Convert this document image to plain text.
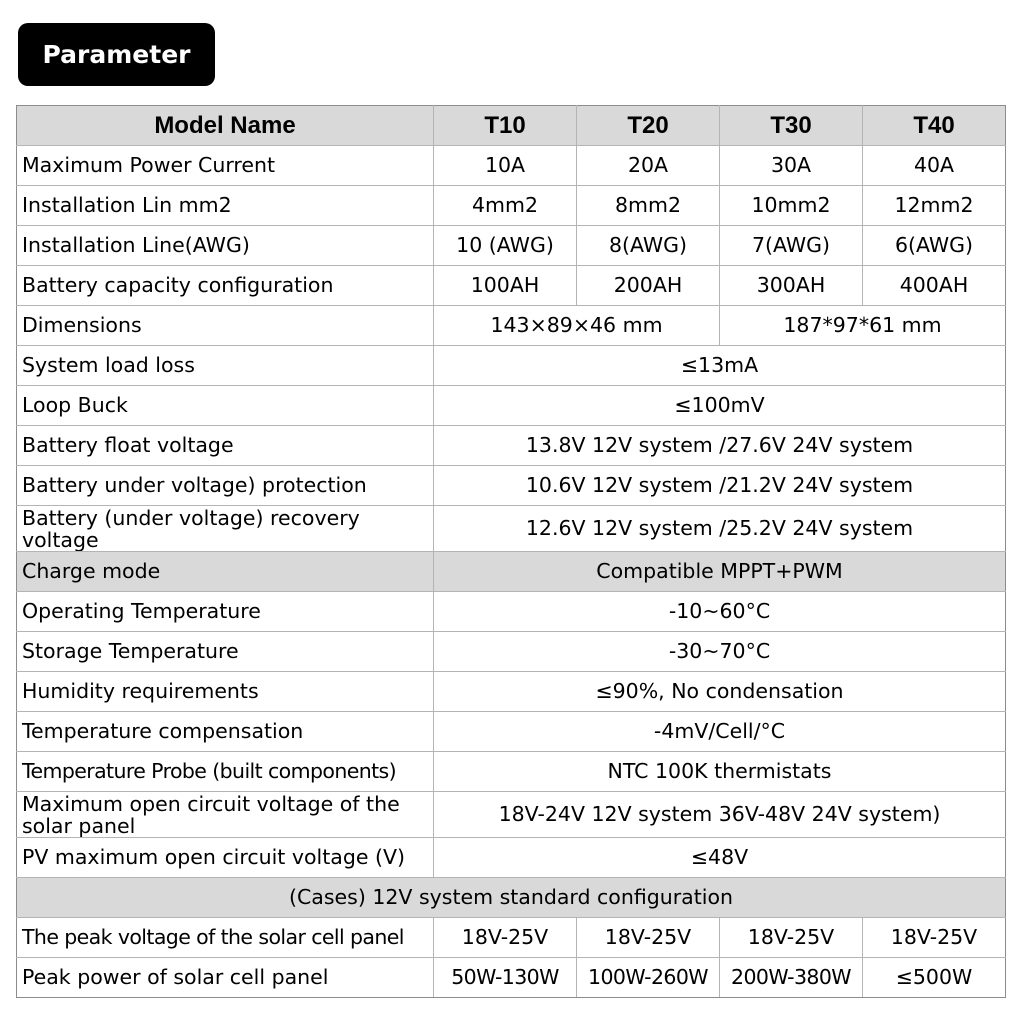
Parameter
Model Name	T10	T20	T30	T40
Maximum Power Current	10A	20A	30A	40A
Installation Lin mm2	4mm2	8mm2	10mm2	12mm2
Installation Line(AWG)	10 (AWG)	8(AWG)	7(AWG)	6(AWG)
Battery capacity configuration	100AH	200AH	300AH	400AH
Dimensions	143×89×46 mm		187*97*61 mm	
System load loss	≤13mA			
Loop Buck	≤100mV			
Battery float voltage	13.8V 12V system /27.6V 24V system			
Battery under voltage) protection	10.6V 12V system /21.2V 24V system			
Battery (under voltage) recovery voltage	12.6V 12V system /25.2V 24V system			
Charge mode	Compatible MPPT+PWM			
Operating Temperature	-10~60°C			
Storage Temperature	-30~70°C			
Humidity requirements	≤90%, No condensation			
Temperature compensation	-4mV/Cell/°C			
Temperature Probe (built components)	NTC 100K thermistats			
Maximum open circuit voltage of the solar panel	18V-24V 12V system 36V-48V 24V system)			
PV maximum open circuit voltage (V)	≤48V			
(Cases) 12V system standard configuration				
The peak voltage of the solar cell panel	18V-25V	18V-25V	18V-25V	18V-25V
Peak power of solar cell panel	50W-130W	100W-260W	200W-380W	≤500W
